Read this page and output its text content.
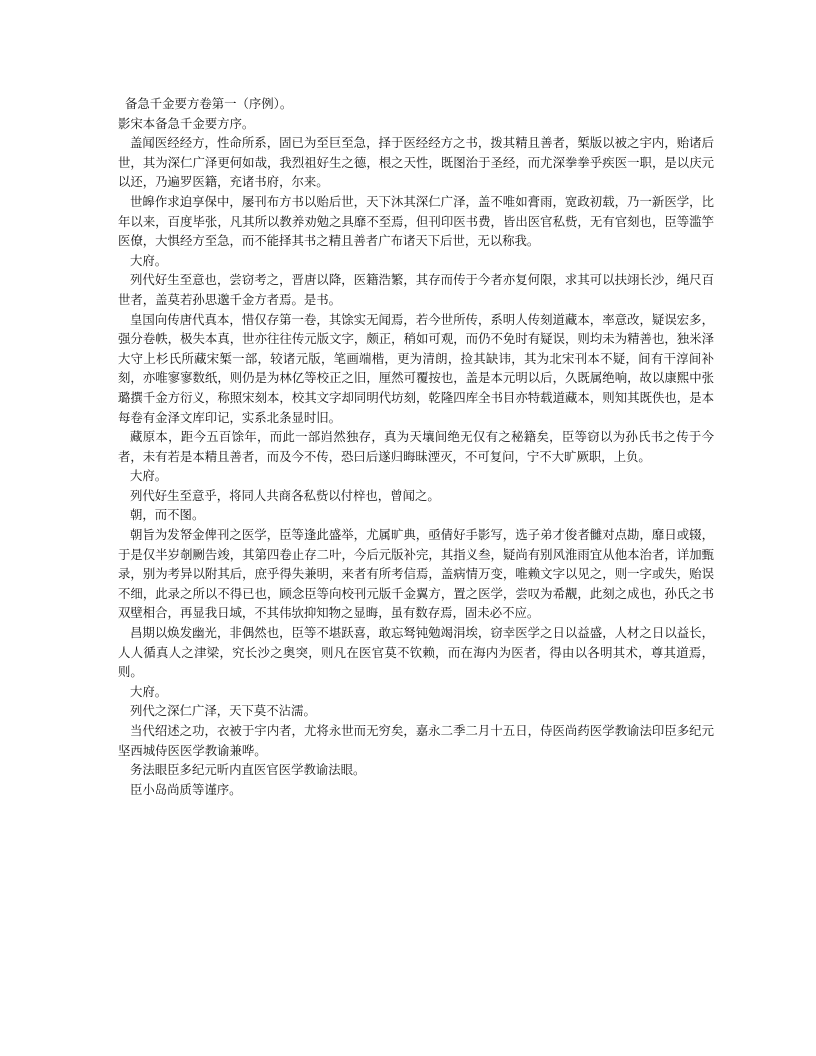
备急千金要方卷第一（序例）。

影宋本备急千金要方序。

盖闻医经经方，性命所系，固已为至巨至急，择于医经经方之书，拨其精且善者，椠版以被之宇内，贻诸后世，其为深仁广泽更何如哉，我烈祖好生之德，根之天性，既图治于圣经，而尤深拳拳乎疾医一职，是以庆元以还，乃遍罗医籍，充诸书府，尔来。

世皞作求迫享保中，屡刊布方书以贻后世，天下沐其深仁广泽，盖不唯如膏雨，宽政初载，乃一新医学，比年以来，百度毕张，凡其所以教养劝勉之具靡不至焉，但刊印医书费，皆出医官私赀，无有官刻也，臣等滥竽医僚，大惧经方至急，而不能择其书之精且善者广布诸天下后世，无以称我。

大府。

列代好生至意也，尝窃考之，晋唐以降，医籍浩繁，其存而传于今者亦复何限，求其可以扶翊长沙，绳尺百世者，盖莫若孙思邈千金方者焉。是书。

皇国向传唐代真本，惜仅存第一卷，其馀实无闻焉，若今世所传，系明人传刻道藏本，率意改，疑误宏多，强分卷帙，极失本真，世亦往往传元版文字，颇正，稍如可观，而仍不免时有疑误，则均未为精善也，独米泽大守上杉氏所藏宋椠一部，较诸元版，笔画端楷，更为清朗，捡其缺讳，其为北宋刊本不疑，间有干淳间补刻，亦唯寥寥数纸，则仍是为林亿等校正之旧，厘然可覆按也，盖是本元明以后，久既属绝响，故以康熙中张璐撰千金方衍义，称照宋刻本，校其文字却同明代坊刻，乾隆四库全书目亦特载道藏本，则知其既佚也，是本每卷有金泽文库印记，实系北条显时旧。

藏原本，距今五百馀年，而此一部岿然独存，真为天壤间绝无仅有之秘籍矣，臣等窃以为孙氏书之传于今者，未有若是本精且善者，而及今不传，恐曰后遂归晦昧湮灭，不可复问，宁不大旷厥职，上负。

大府。

列代好生至意乎，将同人共商各私赀以付梓也，曾闻之。

朝，而不图。

朝旨为发帑金俾刊之医学，臣等逢此盛举，尤属旷典，亟倩好手影写，选子弟才俊者雠对点勘，靡日或辍，于是仅半岁剞劂告竣，其第四卷止存二叶，今后元版补完，其指义叁，疑尚有别风淮雨宜从他本治者，详加甄录，别为考异以附其后，庶乎得失兼明，来者有所考信焉，盖病情万变，唯赖文字以见之，则一字或失，贻误不细，此录之所以不得已也，顾念臣等向校刊元版千金翼方，置之医学，尝叹为希觏，此刻之成也，孙氏之书双壁相合，再显我日域，不其伟欤抑知物之显晦，虽有数存焉，固未必不应。

昌期以焕发幽光，非偶然也，臣等不堪跃喜，敢忘驽钝勉竭涓埃，窃幸医学之日以益盛，人材之日以益长，人人循真人之津梁，究长沙之奥突，则凡在医官莫不钦赖，而在海内为医者，得由以各明其术，尊其道焉，则。

大府。

列代之深仁广泽，天下莫不沾濡。

当代绍述之功，衣被于宇内者，尤将永世而无穷矣，嘉永二季二月十五日，侍医尚药医学教谕法印臣多纪元坚西城侍医医学教谕兼哗。

务法眼臣多纪元昕内直医官医学教谕法眼。

臣小岛尚质等谨序。
